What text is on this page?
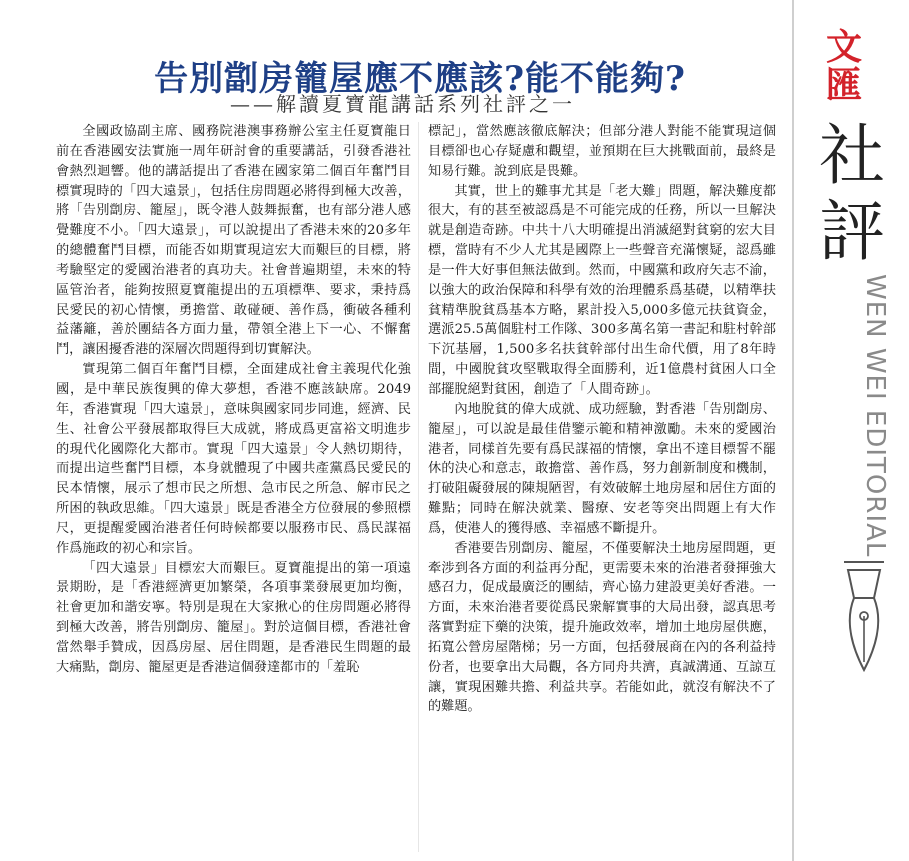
告別劏房籠屋應不應該?能不能夠?
——解讀夏寶龍講話系列社評之一

全國政協副主席、國務院港澳事務辦公室主任夏寶龍日前在香港國安法實施一周年研討會的重要講話，引發香港社會熱烈迴響。他的講話提出了香港在國家第二個百年奮鬥目標實現時的「四大遠景」，包括住房問題必將得到極大改善，將「告別劏房、籠屋」，既令港人鼓舞振奮，也有部分港人感覺難度不小。「四大遠景」，可以說提出了香港未來的20多年的總體奮鬥目標，而能否如期實現這宏大而艱巨的目標，將考驗堅定的愛國治港者的真功夫。社會普遍期望，未來的特區管治者，能夠按照夏寶龍提出的五項標準、要求，秉持爲民愛民的初心情懷，勇擔當、敢碰硬、善作爲，衝破各種利益藩籬，善於團結各方面力量，帶領全港上下一心、不懈奮鬥，讓困擾香港的深層次問題得到切實解決。

實現第二個百年奮鬥目標，全面建成社會主義現代化強國，是中華民族復興的偉大夢想，香港不應該缺席。2049年，香港實現「四大遠景」，意味與國家同步同進，經濟、民生、社會公平發展都取得巨大成就，將成爲更富裕文明進步的現代化國際化大都市。實現「四大遠景」令人熱切期待，而提出這些奮鬥目標，本身就體現了中國共產黨爲民愛民的民本情懷，展示了想市民之所想、急市民之所急、解市民之所困的執政思維。「四大遠景」既是香港全方位發展的參照標尺，更提醒愛國治港者任何時候都要以服務市民、爲民謀福作爲施政的初心和宗旨。

「四大遠景」目標宏大而艱巨。夏寶龍提出的第一項遠景期盼，是「香港經濟更加繁榮，各項事業發展更加均衡，社會更加和諧安寧。特別是現在大家揪心的住房問題必將得到極大改善，將告別劏房、籠屋」。對於這個目標，香港社會當然舉手贊成，因爲房屋、居住問題，是香港民生問題的最大痛點，劏房、籠屋更是香港這個發達都市的「羞恥

標記」，當然應該徹底解決；但部分港人對能不能實現這個目標卻也心存疑慮和觀望，並預期在巨大挑戰面前，最終是知易行難。說到底是畏難。

其實，世上的難事尤其是「老大難」問題，解決難度都很大，有的甚至被認爲是不可能完成的任務，所以一旦解決就是創造奇跡。中共十八大明確提出消滅絕對貧窮的宏大目標，當時有不少人尤其是國際上一些聲音充滿懷疑，認爲雖是一件大好事但無法做到。然而，中國黨和政府矢志不渝，以強大的政治保障和科學有效的治理體系爲基礎，以精準扶貧精準脫貧爲基本方略，累計投入5,000多億元扶貧資金，選派25.5萬個駐村工作隊、300多萬名第一書記和駐村幹部下沉基層，1,500多名扶貧幹部付出生命代價，用了8年時間，中國脫貧攻堅戰取得全面勝利，近1億農村貧困人口全部擺脫絕對貧困，創造了「人間奇跡」。

內地脫貧的偉大成就、成功經驗，對香港「告別劏房、籠屋」，可以說是最佳借鑒示範和精神激勵。未來的愛國治港者，同樣首先要有爲民謀福的情懷，拿出不達目標誓不罷休的決心和意志，敢擔當、善作爲，努力創新制度和機制，打破阻礙發展的陳規陋習，有效破解土地房屋和居住方面的難點；同時在解決就業、醫療、安老等突出問題上有大作爲，使港人的獲得感、幸福感不斷提升。

香港要告別劏房、籠屋，不僅要解決土地房屋問題，更牽涉到各方面的利益再分配，更需要未來的治港者發揮強大感召力，促成最廣泛的團結，齊心協力建設更美好香港。一方面，未來治港者要從爲民衆解實事的大局出發，認真思考落實對症下藥的決策，提升施政效率，增加土地房屋供應，拓寬公營房屋階梯；另一方面，包括發展商在內的各利益持份者，也要拿出大局觀，各方同舟共濟，真誠溝通、互諒互讓，實現困難共擔、利益共享。若能如此，就沒有解決不了的難題。

文
匯
社
評
WEN WEI EDITORIAL
